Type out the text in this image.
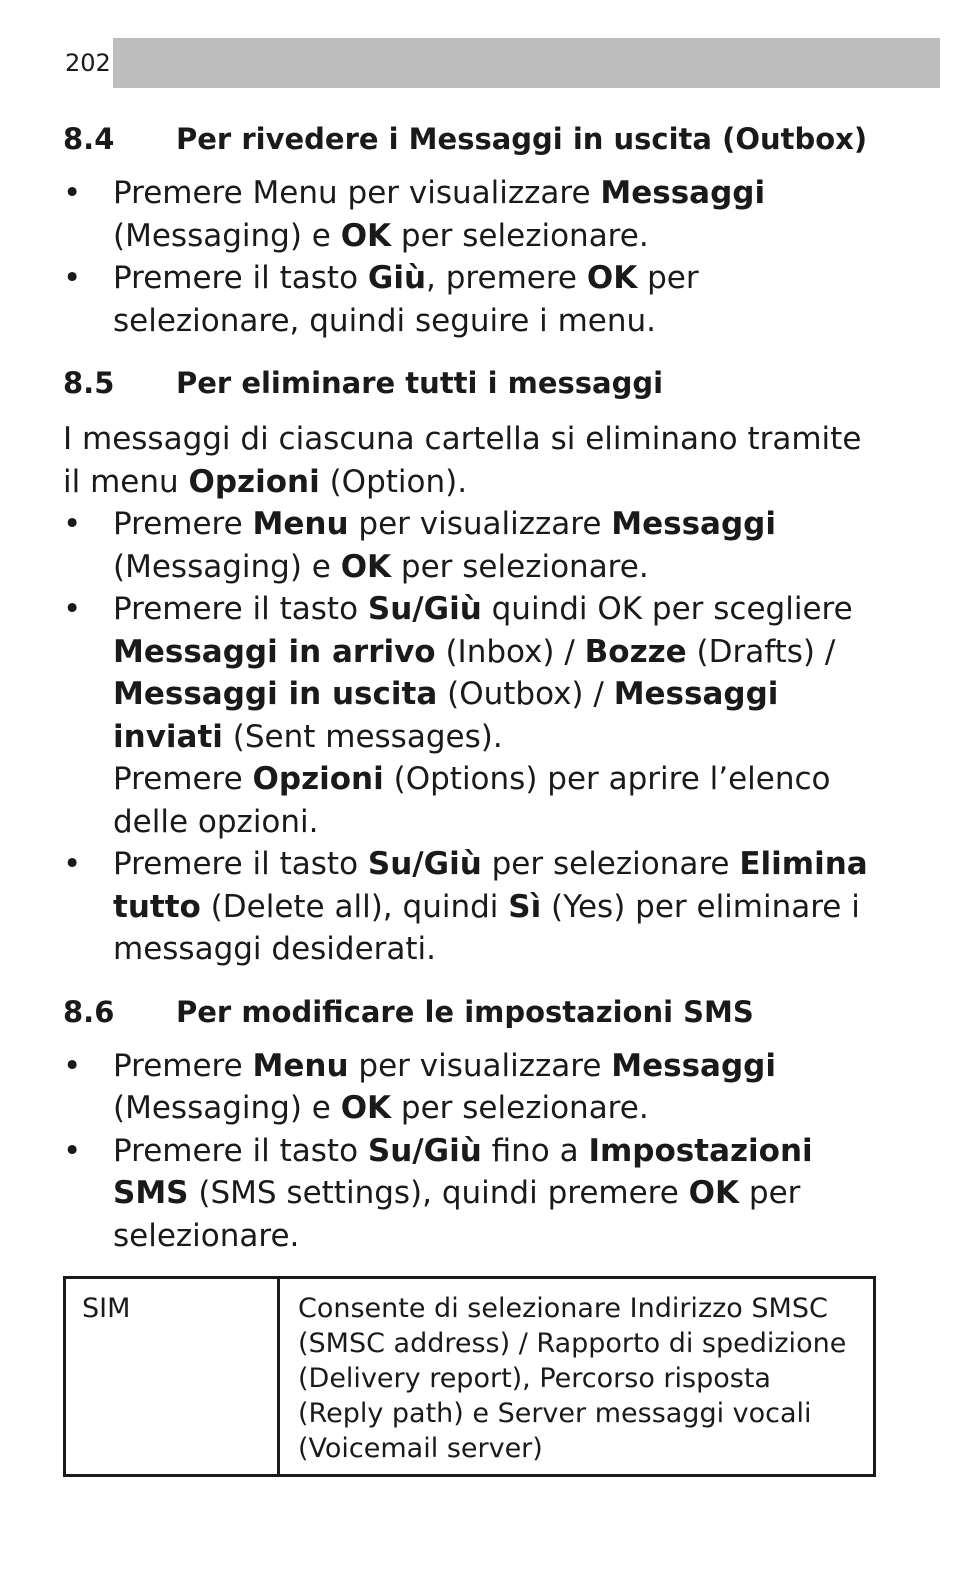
202
8.4	Per rivedere i Messaggi in uscita (Outbox)
• Premere Menu per visualizzare Messaggi (Messaging) e OK per selezionare.
• Premere il tasto Giù, premere OK per selezionare, quindi seguire i menu.
8.5	Per eliminare tutti i messaggi

I messaggi di ciascuna cartella si eliminano tramite il menu Opzioni (Option).

• Premere Menu per visualizzare Messaggi (Messaging) e OK per selezionare.
• Premere il tasto Su/Giù quindi OK per scegliere Messaggi in arrivo (Inbox) / Bozze (Drafts) / Messaggi in uscita (Outbox) / Messaggi inviati (Sent messages).
Premere Opzioni (Options) per aprire l’elenco delle opzioni.
• Premere il tasto Su/Giù per selezionare Elimina tutto (Delete all), quindi Sì (Yes) per eliminare i messaggi desiderati.
8.6	Per modificare le impostazioni SMS
• Premere Menu per visualizzare Messaggi (Messaging) e OK per selezionare.
• Premere il tasto Su/Giù fino a Impostazioni SMS (SMS settings), quindi premere OK per selezionare.
SIM	Consente di selezionare Indirizzo SMSC (SMSC address) / Rapporto di spedizione (Delivery report), Percorso risposta (Reply path) e Server messaggi vocali (Voicemail server)
